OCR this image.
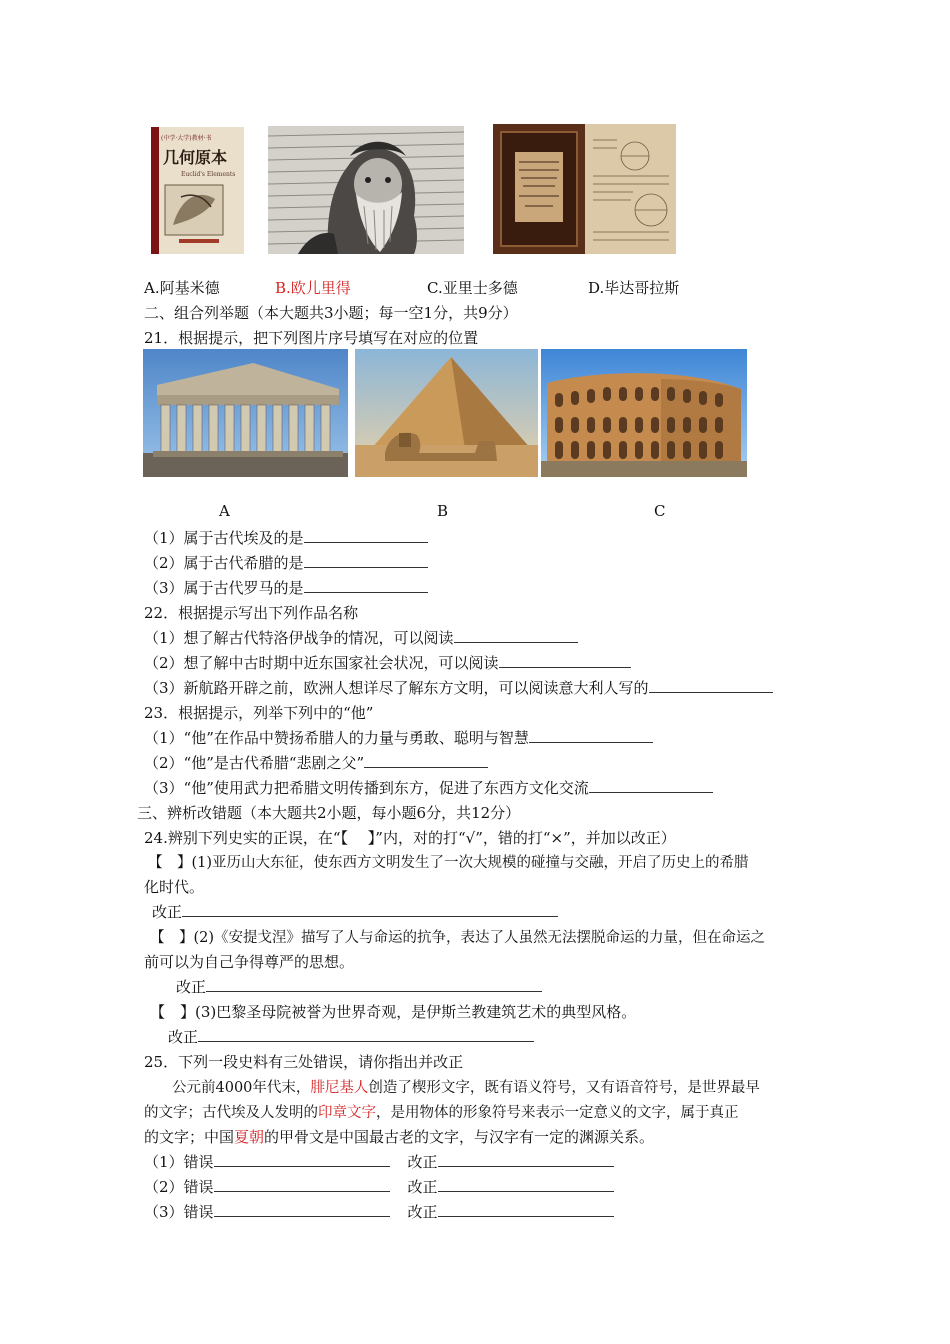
(中学·大学)教材·书
几何原本
Euclid's Elements
A.阿基米德	B.欧儿里得	C.亚里士多德	D.毕达哥拉斯
二、组合列举题（本大题共3小题；每一空1分，共9分）
21．根据提示，把下列图片序号填写在对应的位置
A	B	C
（1）属于古代埃及的是
（2）属于古代希腊的是
（3）属于古代罗马的是
22．根据提示写出下列作品名称
（1）想了解古代特洛伊战争的情况，可以阅读
（2）想了解中古时期中近东国家社会状况，可以阅读
（3）新航路开辟之前，欧洲人想详尽了解东方文明，可以阅读意大利人写的
23．根据提示，列举下列中的“他”
（1）“他”在作品中赞扬希腊人的力量与勇敢、聪明与智慧
（2）“他”是古代希腊“悲剧之父”
（3）“他”使用武力把希腊文明传播到东方，促进了东西方文化交流
三、辨析改错题（本大题共2小题，每小题6分，共12分）
24.辨别下列史实的正误，在“【　 】”内，对的打“√”，错的打“×”，并加以改正）
【　】(1)亚历山大东征，使东西方文明发生了一次大规模的碰撞与交融，开启了历史上的希腊
化时代。
改正
【　】(2)《安提戈涅》描写了人与命运的抗争，表达了人虽然无法摆脱命运的力量，但在命运之
前可以为自己争得尊严的思想。
改正
【　】(3)巴黎圣母院被誉为世界奇观，是伊斯兰教建筑艺术的典型风格。
改正
25．下列一段史料有三处错误，请你指出并改正
公元前4000年代末，腓尼基人创造了楔形文字，既有语义符号，又有语音符号，是世界最早
的文字；古代埃及人发明的印章文字，是用物体的形象符号来表示一定意义的文字，属于真正
的文字；中国夏朝的甲骨文是中国最古老的文字，与汉字有一定的渊源关系。
（1）错误	改正
（2）错误	改正
（3）错误	改正
